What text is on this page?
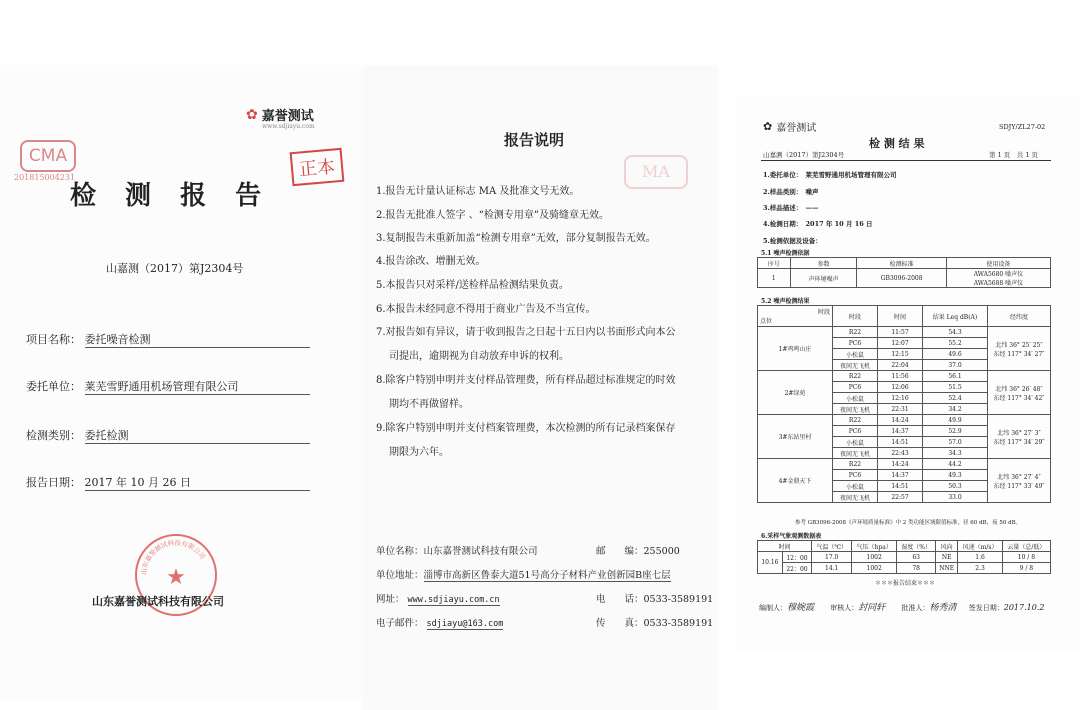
CMA
201815004231
✿ 嘉誉测试
www.sdjiayu.com
正本
检 测 报 告
山嘉测（2017）第J2304号
项目名称： 委托噪音检测
委托单位： 莱芜雪野通用机场管理有限公司
检测类别： 委托检测
报告日期： 2017 年 10 月 26 日
山东嘉誉测试科技有限公司
★
山东嘉誉测试科技有限公司
MA
报告说明
1.报告无计量认证标志 MA 及批准文号无效。
2.报告无批准人签字 、“检测专用章”及骑缝章无效。
3.复制报告未重新加盖“检测专用章”无效，部分复制报告无效。
4.报告涂改、增删无效。
5.本报告只对采样/送检样品检测结果负责。
6.本报告未经同意不得用于商业广告及不当宣传。
7.对报告如有异议，请于收到报告之日起十五日内以书面形式向本公
司提出，逾期视为自动放弃申诉的权利。
8.除客户特别申明并支付样品管理费，所有样品超过标准规定的时效
期均不再做留样。
9.除客户特别申明并支付档案管理费，本次检测的所有记录档案保存
期限为六年。
单位名称：山东嘉誉测试科技有限公司	邮　　编：255000
单位地址：淄博市高新区鲁泰大道51号高分子材料产业创新园B座七层
网址： www.sdjiayu.com.cn	电　　话：0533-3589191
电子邮件： sdjiayu@163.com	传　　真：0533-3589191
✿ 嘉誉测试	SDJY/ZL27-02
检 测 结 果
山嘉测（2017）第J2304号	第 1 页　共 1 页
1.委托单位：　莱芜雪野通用机场管理有限公司
2.样品类别：　噪声
3.样品描述：　——
4.检测日期：　2017 年 10 月 16 日
5.检测依据及设备：
5.1 噪声检测依据
序号	参数	检测标准	使用设备
1	声环境噪声	GB3096-2008	AWA5680 噪声仪
AWA5688 噪声仪
5.2 噪声检测结果
时段
点位	时段	时间	结果 Leq dB(A)	经纬度
1#鸡鸣山庄	R22	11:57	54.3	北纬 36° 25′ 25″
东经 117° 34′ 27″

	PC6	12:07	55.2	
	小松鼠	12:15	49.6	
	夜间无飞机	22:04	37.0	
2#绿苑	R22	11:56	56.1	北纬 36° 26′ 48″
东经 117° 34′ 42″

	PC6	12:06	51.5	
	小松鼠	12:16	52.4	
	夜间无飞机	22:31	34.2	
3#东站里村	R22	14:24	49.9	北纬 36° 27′ 3″
东经 117° 34′ 29″

	PC6	14:37	52.9	
	小松鼠	14:51	57.0	
	夜间无飞机	22:43	34.3	
4#金鼎天下	R22	14:24	44.2	北纬 36° 27′ 4″
东经 117° 33′ 49″

	PC6	14:37	49.3	
	小松鼠	14:51	50.3	
	夜间无飞机	22:57	33.0	
参考 GB3096-2008《声环境质量标准》中 2 类功能区域限值标准，昼 60 dB，夜 50 dB。
6.采样气象观测数据表
时间		气温（℃）	气压（hpa）	湿度（%）	风向	风速（m/s）	云量（总/低）
10.16	12：00	17.0	1002	63	NE	1.6	10 / 8
	22：00	14.1	1002	78	NNE	2.3	9 / 8
＊＊＊报告结束＊＊＊
编制人：穆婉霞 审核人：封同轩 批准人：杨秀清 签发日期：2017.10.2
